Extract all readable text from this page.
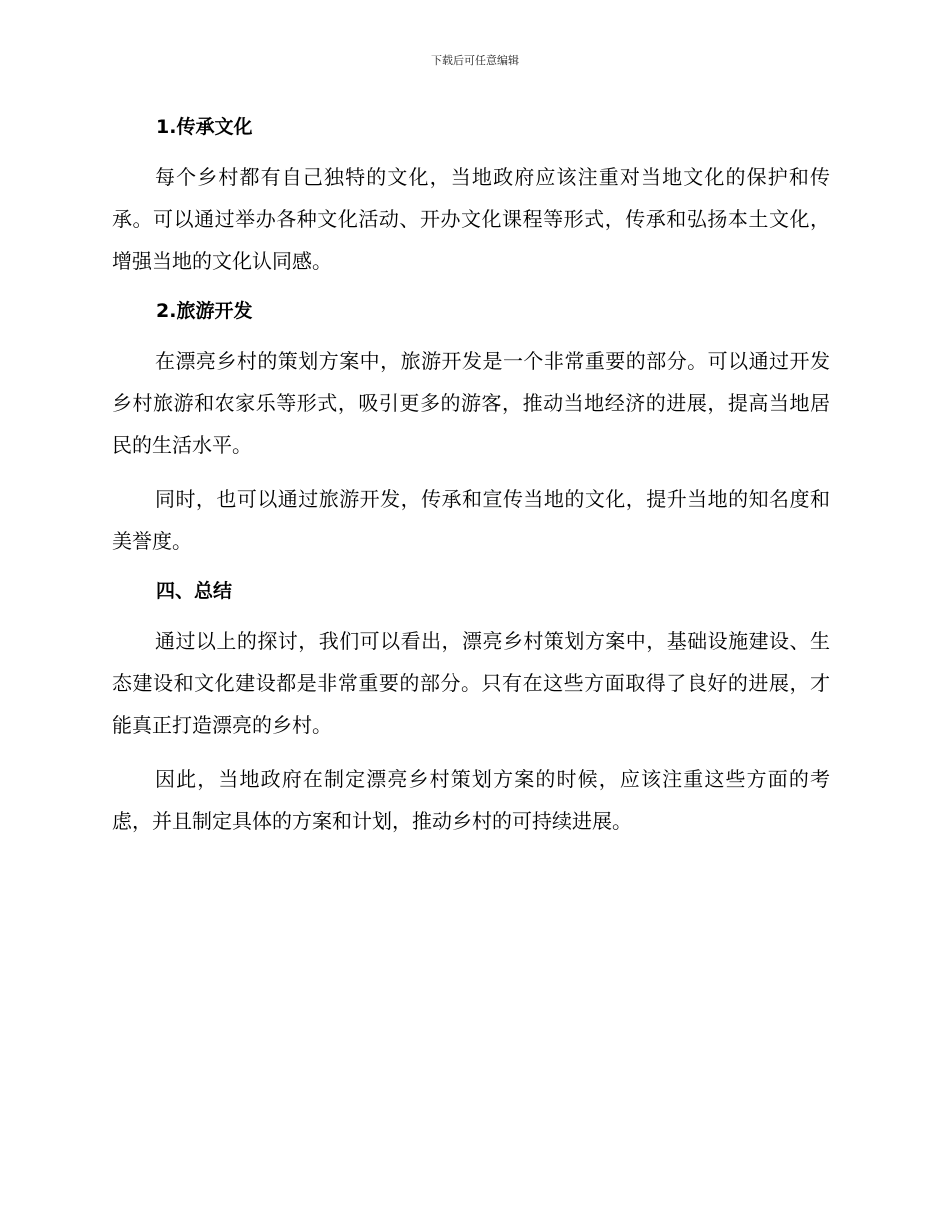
下载后可任意编辑
1.传承文化

每个乡村都有自己独特的文化，当地政府应该注重对当地文化的保护和传承。可以通过举办各种文化活动、开办文化课程等形式，传承和弘扬本土文化，增强当地的文化认同感。

2.旅游开发

在漂亮乡村的策划方案中，旅游开发是一个非常重要的部分。可以通过开发乡村旅游和农家乐等形式，吸引更多的游客，推动当地经济的进展，提高当地居民的生活水平。

同时，也可以通过旅游开发，传承和宣传当地的文化，提升当地的知名度和美誉度。

四、总结

通过以上的探讨，我们可以看出，漂亮乡村策划方案中，基础设施建设、生态建设和文化建设都是非常重要的部分。只有在这些方面取得了良好的进展，才能真正打造漂亮的乡村。

因此，当地政府在制定漂亮乡村策划方案的时候，应该注重这些方面的考虑，并且制定具体的方案和计划，推动乡村的可持续进展。
